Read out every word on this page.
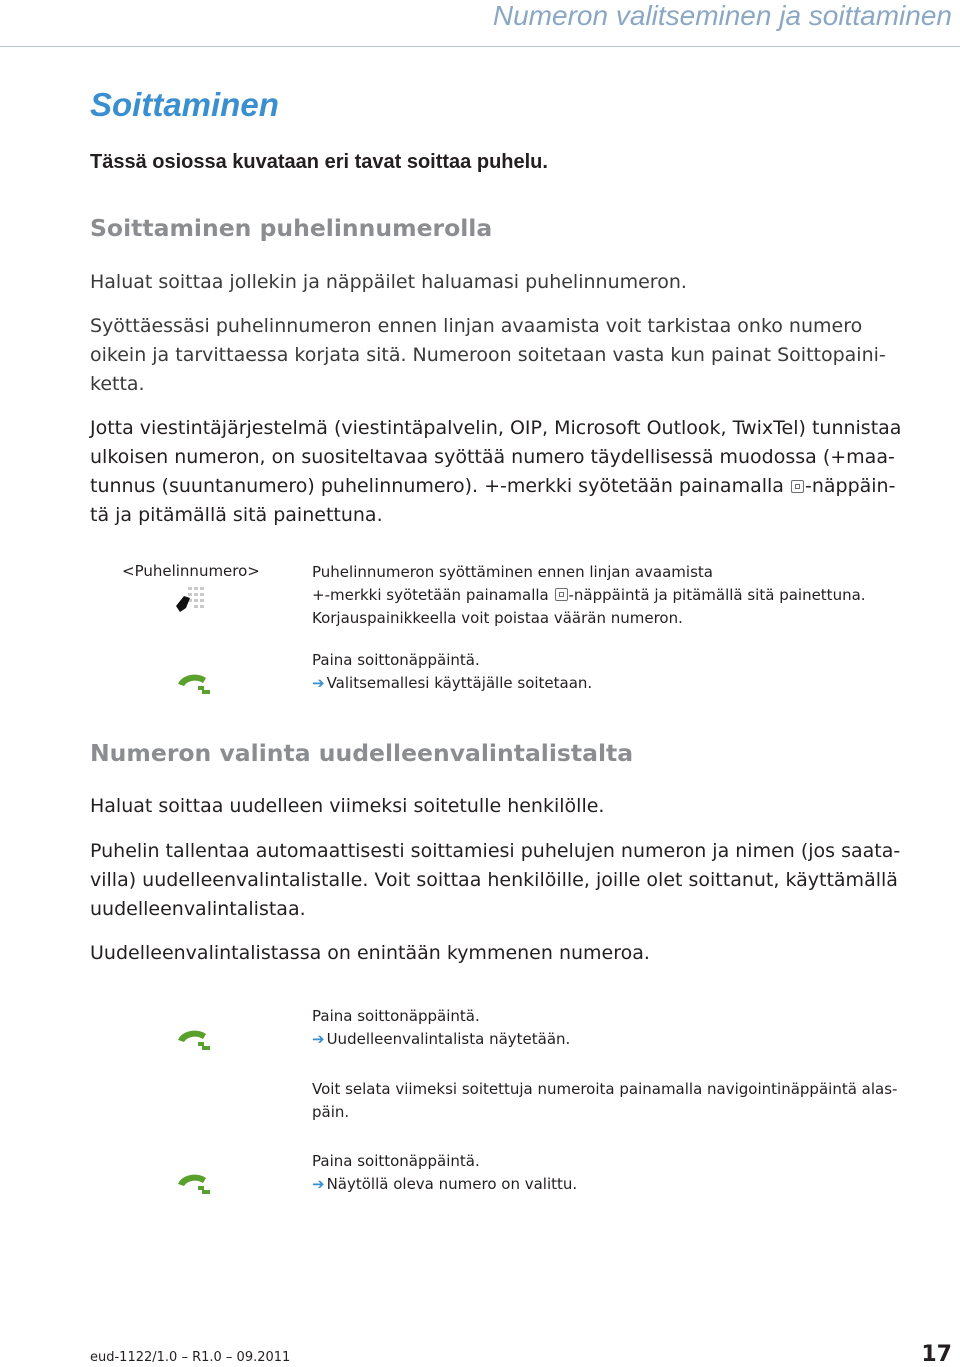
Numeron valitseminen ja soittaminen
Soittaminen

Tässä osiossa kuvataan eri tavat soittaa puhelu.

Soittaminen puhelinnumerolla

Haluat soittaa jollekin ja näppäilet haluamasi puhelinnumeron.

Syöttäessäsi puhelinnumeron ennen linjan avaamista voit tarkistaa onko numero
oikein ja tarvittaessa korjata sitä. Numeroon soitetaan vasta kun painat Soittopaini-
ketta.
Jotta viestintäjärjestelmä (viestintäpalvelin, OIP, Microsoft Outlook, TwixTel) tunnistaa
ulkoisen numeron, on suositeltavaa syöttää numero täydellisessä muodossa (+maa-
tunnus (suuntanumero) puhelinnumero). +-merkki syötetään painamalla -näppäin-
tä ja pitämällä sitä painettuna.
<Puhelinnumero>	Puhelinnumeron syöttäminen ennen linjan avaamista
+-merkki syötetään painamalla -näppäintä ja pitämällä sitä painettuna.
Korjauspainikkeella voit poistaa väärän numeron.
Paina soittonäppäintä.
➔ Valitsemallesi käyttäjälle soitetaan.
Numeron valinta uudelleenvalintalistalta

Haluat soittaa uudelleen viimeksi soitetulle henkilölle.

Puhelin tallentaa automaattisesti soittamiesi puhelujen numeron ja nimen (jos saata-
villa) uudelleenvalintalistalle. Voit soittaa henkilöille, joille olet soittanut, käyttämällä
uudelleenvalintalistaa.

Uudelleenvalintalistassa on enintään kymmenen numeroa.

Paina soittonäppäintä.
➔ Uudelleenvalintalista näytetään.
Voit selata viimeksi soitettuja numeroita painamalla navigointinäppäintä alas-
päin.
Paina soittonäppäintä.
➔ Näytöllä oleva numero on valittu.
eud-1122/1.0 – R1.0 – 09.2011	17
